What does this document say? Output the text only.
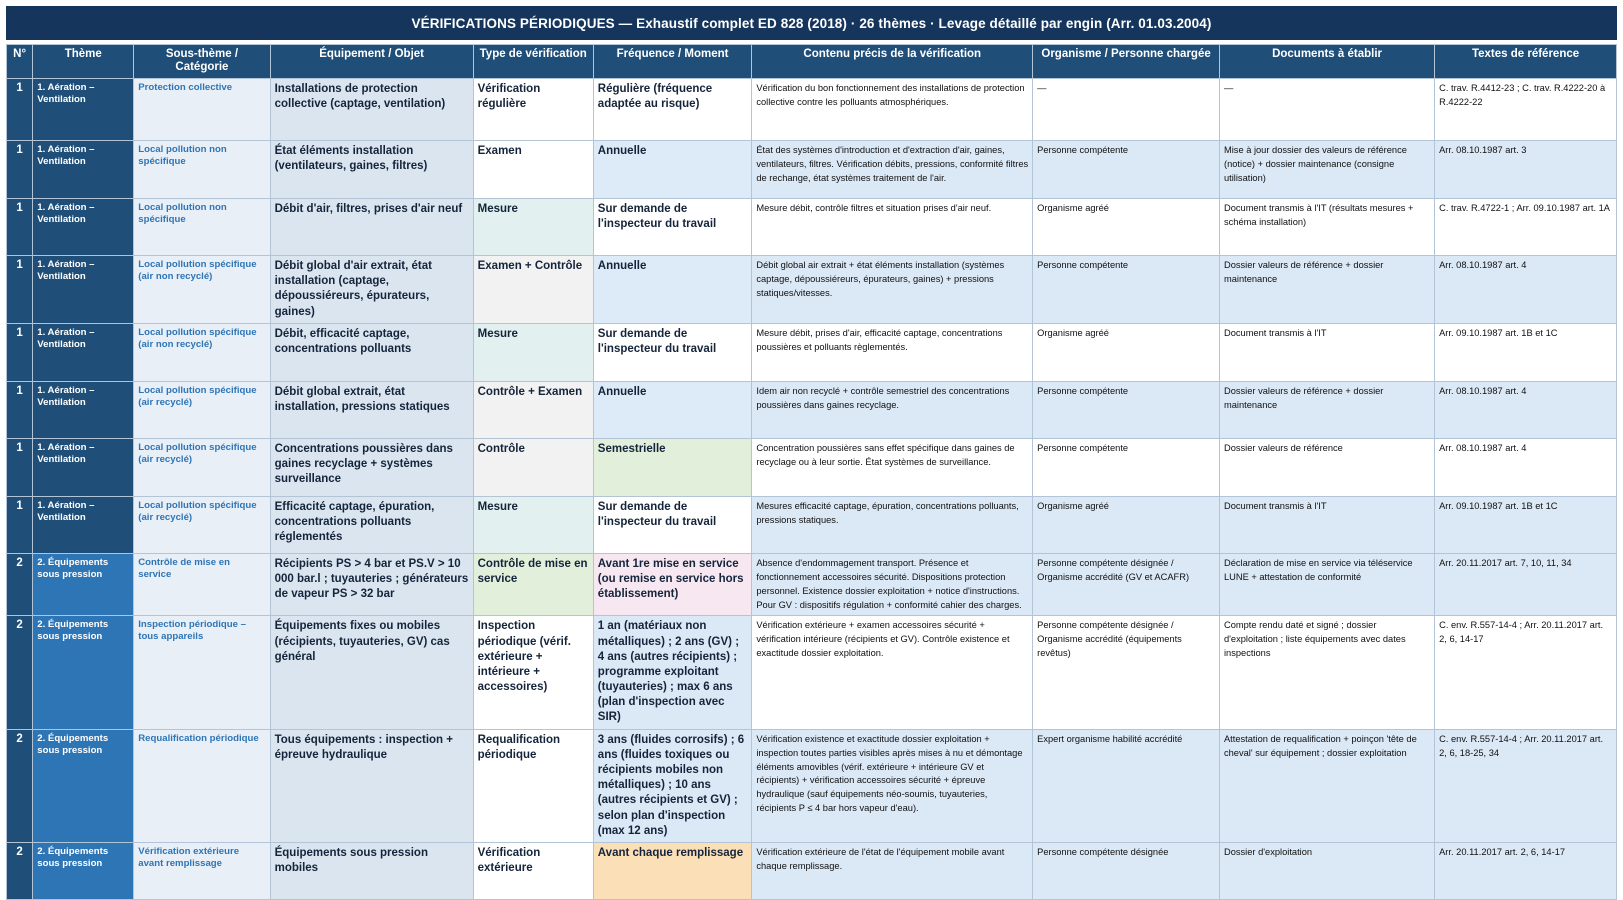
VÉRIFICATIONS PÉRIODIQUES — Exhaustif complet ED 828 (2018) · 26 thèmes · Levage détaillé par engin (Arr. 01.03.2004)
N°	Thème	Sous-thème / Catégorie	Équipement / Objet	Type de vérification	Fréquence / Moment	Contenu précis de la vérification	Organisme / Personne chargée	Documents à établir	Textes de référence
1	1. Aération – Ventilation	Protection collective	Installations de protection collective (captage, ventilation)	Vérification régulière	Régulière (fréquence adaptée au risque)	Vérification du bon fonctionnement des installations de protection collective contre les polluants atmosphériques.	—	—	C. trav. R.4412-23 ; C. trav. R.4222-20 à R.4222-22
1	1. Aération – Ventilation	Local pollution non spécifique	État éléments installation (ventilateurs, gaines, filtres)	Examen	Annuelle	État des systèmes d'introduction et d'extraction d'air, gaines, ventilateurs, filtres. Vérification débits, pressions, conformité filtres de rechange, état systèmes traitement de l'air.	Personne compétente	Mise à jour dossier des valeurs de référence (notice) + dossier maintenance (consigne utilisation)	Arr. 08.10.1987 art. 3
1	1. Aération – Ventilation	Local pollution non spécifique	Débit d'air, filtres, prises d'air neuf	Mesure	Sur demande de l'inspecteur du travail	Mesure débit, contrôle filtres et situation prises d'air neuf.	Organisme agréé	Document transmis à l'IT (résultats mesures + schéma installation)	C. trav. R.4722-1 ; Arr. 09.10.1987 art. 1A
1	1. Aération – Ventilation	Local pollution spécifique (air non recyclé)	Débit global d'air extrait, état installation (captage, dépoussiéreurs, épurateurs, gaines)	Examen + Contrôle	Annuelle	Débit global air extrait + état éléments installation (systèmes captage, dépoussiéreurs, épurateurs, gaines) + pressions statiques/vitesses.	Personne compétente	Dossier valeurs de référence + dossier maintenance	Arr. 08.10.1987 art. 4
1	1. Aération – Ventilation	Local pollution spécifique (air non recyclé)	Débit, efficacité captage, concentrations polluants	Mesure	Sur demande de l'inspecteur du travail	Mesure débit, prises d'air, efficacité captage, concentrations poussières et polluants règlementés.	Organisme agréé	Document transmis à l'IT	Arr. 09.10.1987 art. 1B et 1C
1	1. Aération – Ventilation	Local pollution spécifique (air recyclé)	Débit global extrait, état installation, pressions statiques	Contrôle + Examen	Annuelle	Idem air non recyclé + contrôle semestriel des concentrations poussières dans gaines recyclage.	Personne compétente	Dossier valeurs de référence + dossier maintenance	Arr. 08.10.1987 art. 4
1	1. Aération – Ventilation	Local pollution spécifique (air recyclé)	Concentrations poussières dans gaines recyclage + systèmes surveillance	Contrôle	Semestrielle	Concentration poussières sans effet spécifique dans gaines de recyclage ou à leur sortie. État systèmes de surveillance.	Personne compétente	Dossier valeurs de référence	Arr. 08.10.1987 art. 4
1	1. Aération – Ventilation	Local pollution spécifique (air recyclé)	Efficacité captage, épuration, concentrations polluants réglementés	Mesure	Sur demande de l'inspecteur du travail	Mesures efficacité captage, épuration, concentrations polluants, pressions statiques.	Organisme agréé	Document transmis à l'IT	Arr. 09.10.1987 art. 1B et 1C
2	2. Équipements sous pression	Contrôle de mise en service	Récipients PS > 4 bar et PS.V > 10 000 bar.l ; tuyauteries ; générateurs de vapeur PS > 32 bar	Contrôle de mise en service	Avant 1re mise en service (ou remise en service hors établissement)	Absence d'endommagement transport. Présence et fonctionnement accessoires sécurité. Dispositions protection personnel. Existence dossier exploitation + notice d'instructions. Pour GV : dispositifs régulation + conformité cahier des charges.	Personne compétente désignée / Organisme accrédité (GV et ACAFR)	Déclaration de mise en service via téléservice LUNE + attestation de conformité	Arr. 20.11.2017 art. 7, 10, 11, 34
2	2. Équipements sous pression	Inspection périodique – tous appareils	Équipements fixes ou mobiles (récipients, tuyauteries, GV) cas général	Inspection périodique (vérif. extérieure + intérieure + accessoires)	1 an (matériaux non métalliques) ; 2 ans (GV) ; 4 ans (autres récipients) ; programme exploitant (tuyauteries) ; max 6 ans (plan d'inspection avec SIR)	Vérification extérieure + examen accessoires sécurité + vérification intérieure (récipients et GV). Contrôle existence et exactitude dossier exploitation.	Personne compétente désignée / Organisme accrédité (équipements revêtus)	Compte rendu daté et signé ; dossier d'exploitation ; liste équipements avec dates inspections	C. env. R.557-14-4 ; Arr. 20.11.2017 art. 2, 6, 14-17
2	2. Équipements sous pression	Requalification périodique	Tous équipements : inspection + épreuve hydraulique	Requalification périodique	3 ans (fluides corrosifs) ; 6 ans (fluides toxiques ou récipients mobiles non métalliques) ; 10 ans (autres récipients et GV) ; selon plan d'inspection (max 12 ans)	Vérification existence et exactitude dossier exploitation + inspection toutes parties visibles après mises à nu et démontage éléments amovibles (vérif. extérieure + intérieure GV et récipients) + vérification accessoires sécurité + épreuve hydraulique (sauf équipements néo-soumis, tuyauteries, récipients P ≤ 4 bar hors vapeur d'eau).	Expert organisme habilité accrédité	Attestation de requalification + poinçon 'tête de cheval' sur équipement ; dossier exploitation	C. env. R.557-14-4 ; Arr. 20.11.2017 art. 2, 6, 18-25, 34
2	2. Équipements sous pression	Vérification extérieure avant remplissage	Équipements sous pression mobiles	Vérification extérieure	Avant chaque remplissage	Vérification extérieure de l'état de l'équipement mobile avant chaque remplissage.	Personne compétente désignée	Dossier d'exploitation	Arr. 20.11.2017 art. 2, 6, 14-17
